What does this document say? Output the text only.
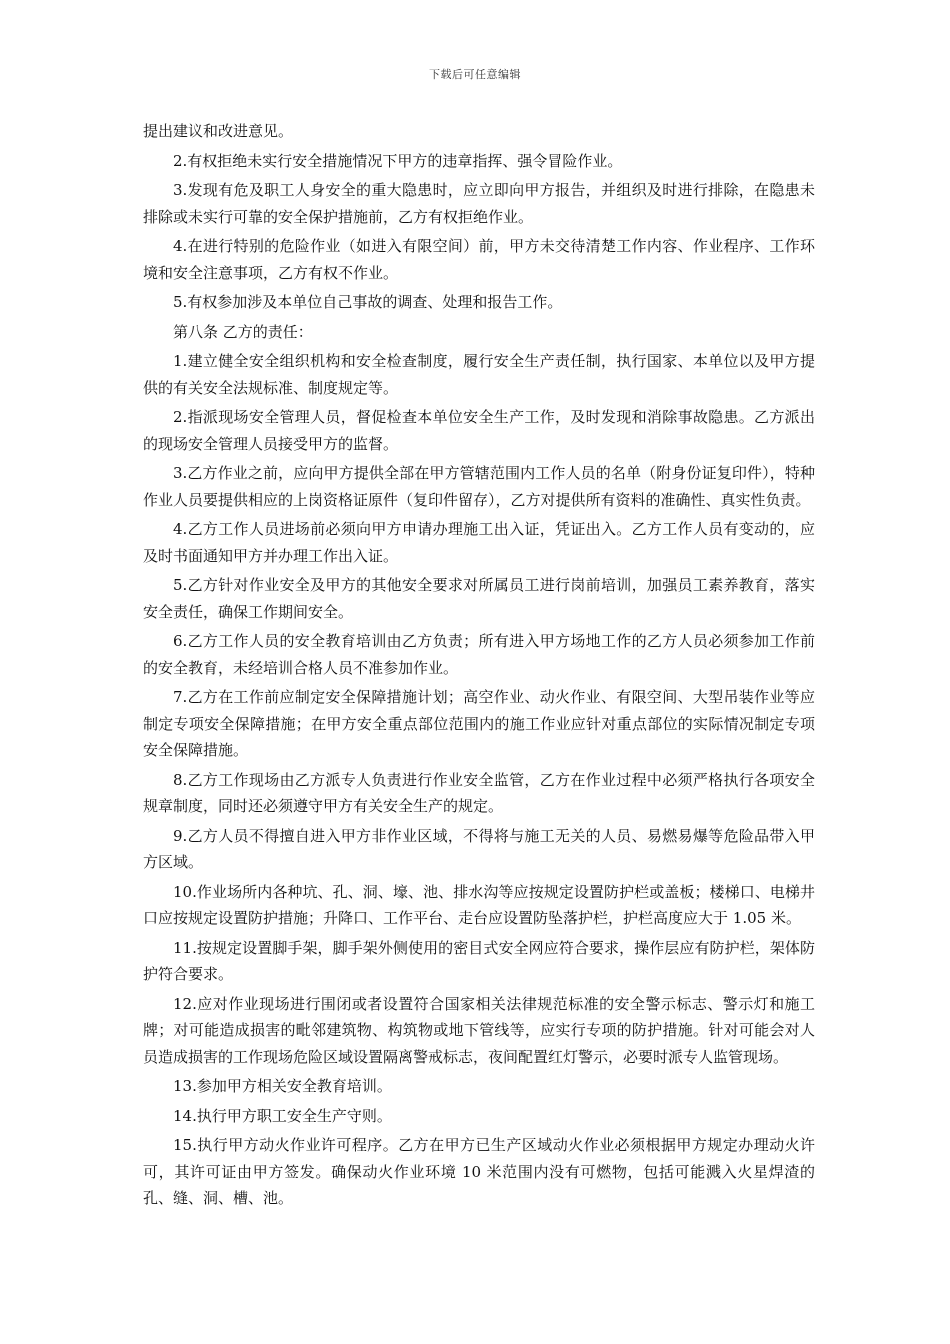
下载后可任意编辑

提出建议和改进意见。

2.有权拒绝未实行安全措施情况下甲方的违章指挥、强令冒险作业。

3.发现有危及职工人身安全的重大隐患时，应立即向甲方报告，并组织及时进行排除，在隐患未排除或未实行可靠的安全保护措施前，乙方有权拒绝作业。

4.在进行特别的危险作业（如进入有限空间）前，甲方未交待清楚工作内容、作业程序、工作环境和安全注意事项，乙方有权不作业。

5.有权参加涉及本单位自己事故的调查、处理和报告工作。

第八条 乙方的责任：

1.建立健全安全组织机构和安全检查制度，履行安全生产责任制，执行国家、本单位以及甲方提供的有关安全法规标准、制度规定等。

2.指派现场安全管理人员，督促检查本单位安全生产工作，及时发现和消除事故隐患。乙方派出的现场安全管理人员接受甲方的监督。

3.乙方作业之前，应向甲方提供全部在甲方管辖范围内工作人员的名单（附身份证复印件），特种作业人员要提供相应的上岗资格证原件（复印件留存），乙方对提供所有资料的准确性、真实性负责。

4.乙方工作人员进场前必须向甲方申请办理施工出入证，凭证出入。乙方工作人员有变动的，应及时书面通知甲方并办理工作出入证。

5.乙方针对作业安全及甲方的其他安全要求对所属员工进行岗前培训，加强员工素养教育，落实安全责任，确保工作期间安全。

6.乙方工作人员的安全教育培训由乙方负责；所有进入甲方场地工作的乙方人员必须参加工作前的安全教育，未经培训合格人员不准参加作业。

7.乙方在工作前应制定安全保障措施计划；高空作业、动火作业、有限空间、大型吊装作业等应制定专项安全保障措施；在甲方安全重点部位范围内的施工作业应针对重点部位的实际情况制定专项安全保障措施。

8.乙方工作现场由乙方派专人负责进行作业安全监管，乙方在作业过程中必须严格执行各项安全规章制度，同时还必须遵守甲方有关安全生产的规定。

9.乙方人员不得擅自进入甲方非作业区域，不得将与施工无关的人员、易燃易爆等危险品带入甲方区域。

10.作业场所内各种坑、孔、洞、壕、池、排水沟等应按规定设置防护栏或盖板；楼梯口、电梯井口应按规定设置防护措施；升降口、工作平台、走台应设置防坠落护栏，护栏高度应大于 1.05 米。

11.按规定设置脚手架，脚手架外侧使用的密目式安全网应符合要求，操作层应有防护栏，架体防护符合要求。

12.应对作业现场进行围闭或者设置符合国家相关法律规范标准的安全警示标志、警示灯和施工牌；对可能造成损害的毗邻建筑物、构筑物或地下管线等，应实行专项的防护措施。针对可能会对人员造成损害的工作现场危险区域设置隔离警戒标志，夜间配置红灯警示，必要时派专人监管现场。

13.参加甲方相关安全教育培训。

14.执行甲方职工安全生产守则。

15.执行甲方动火作业许可程序。乙方在甲方已生产区域动火作业必须根据甲方规定办理动火许可，其许可证由甲方签发。确保动火作业环境 10 米范围内没有可燃物，包括可能溅入火星焊渣的孔、缝、洞、槽、池。
